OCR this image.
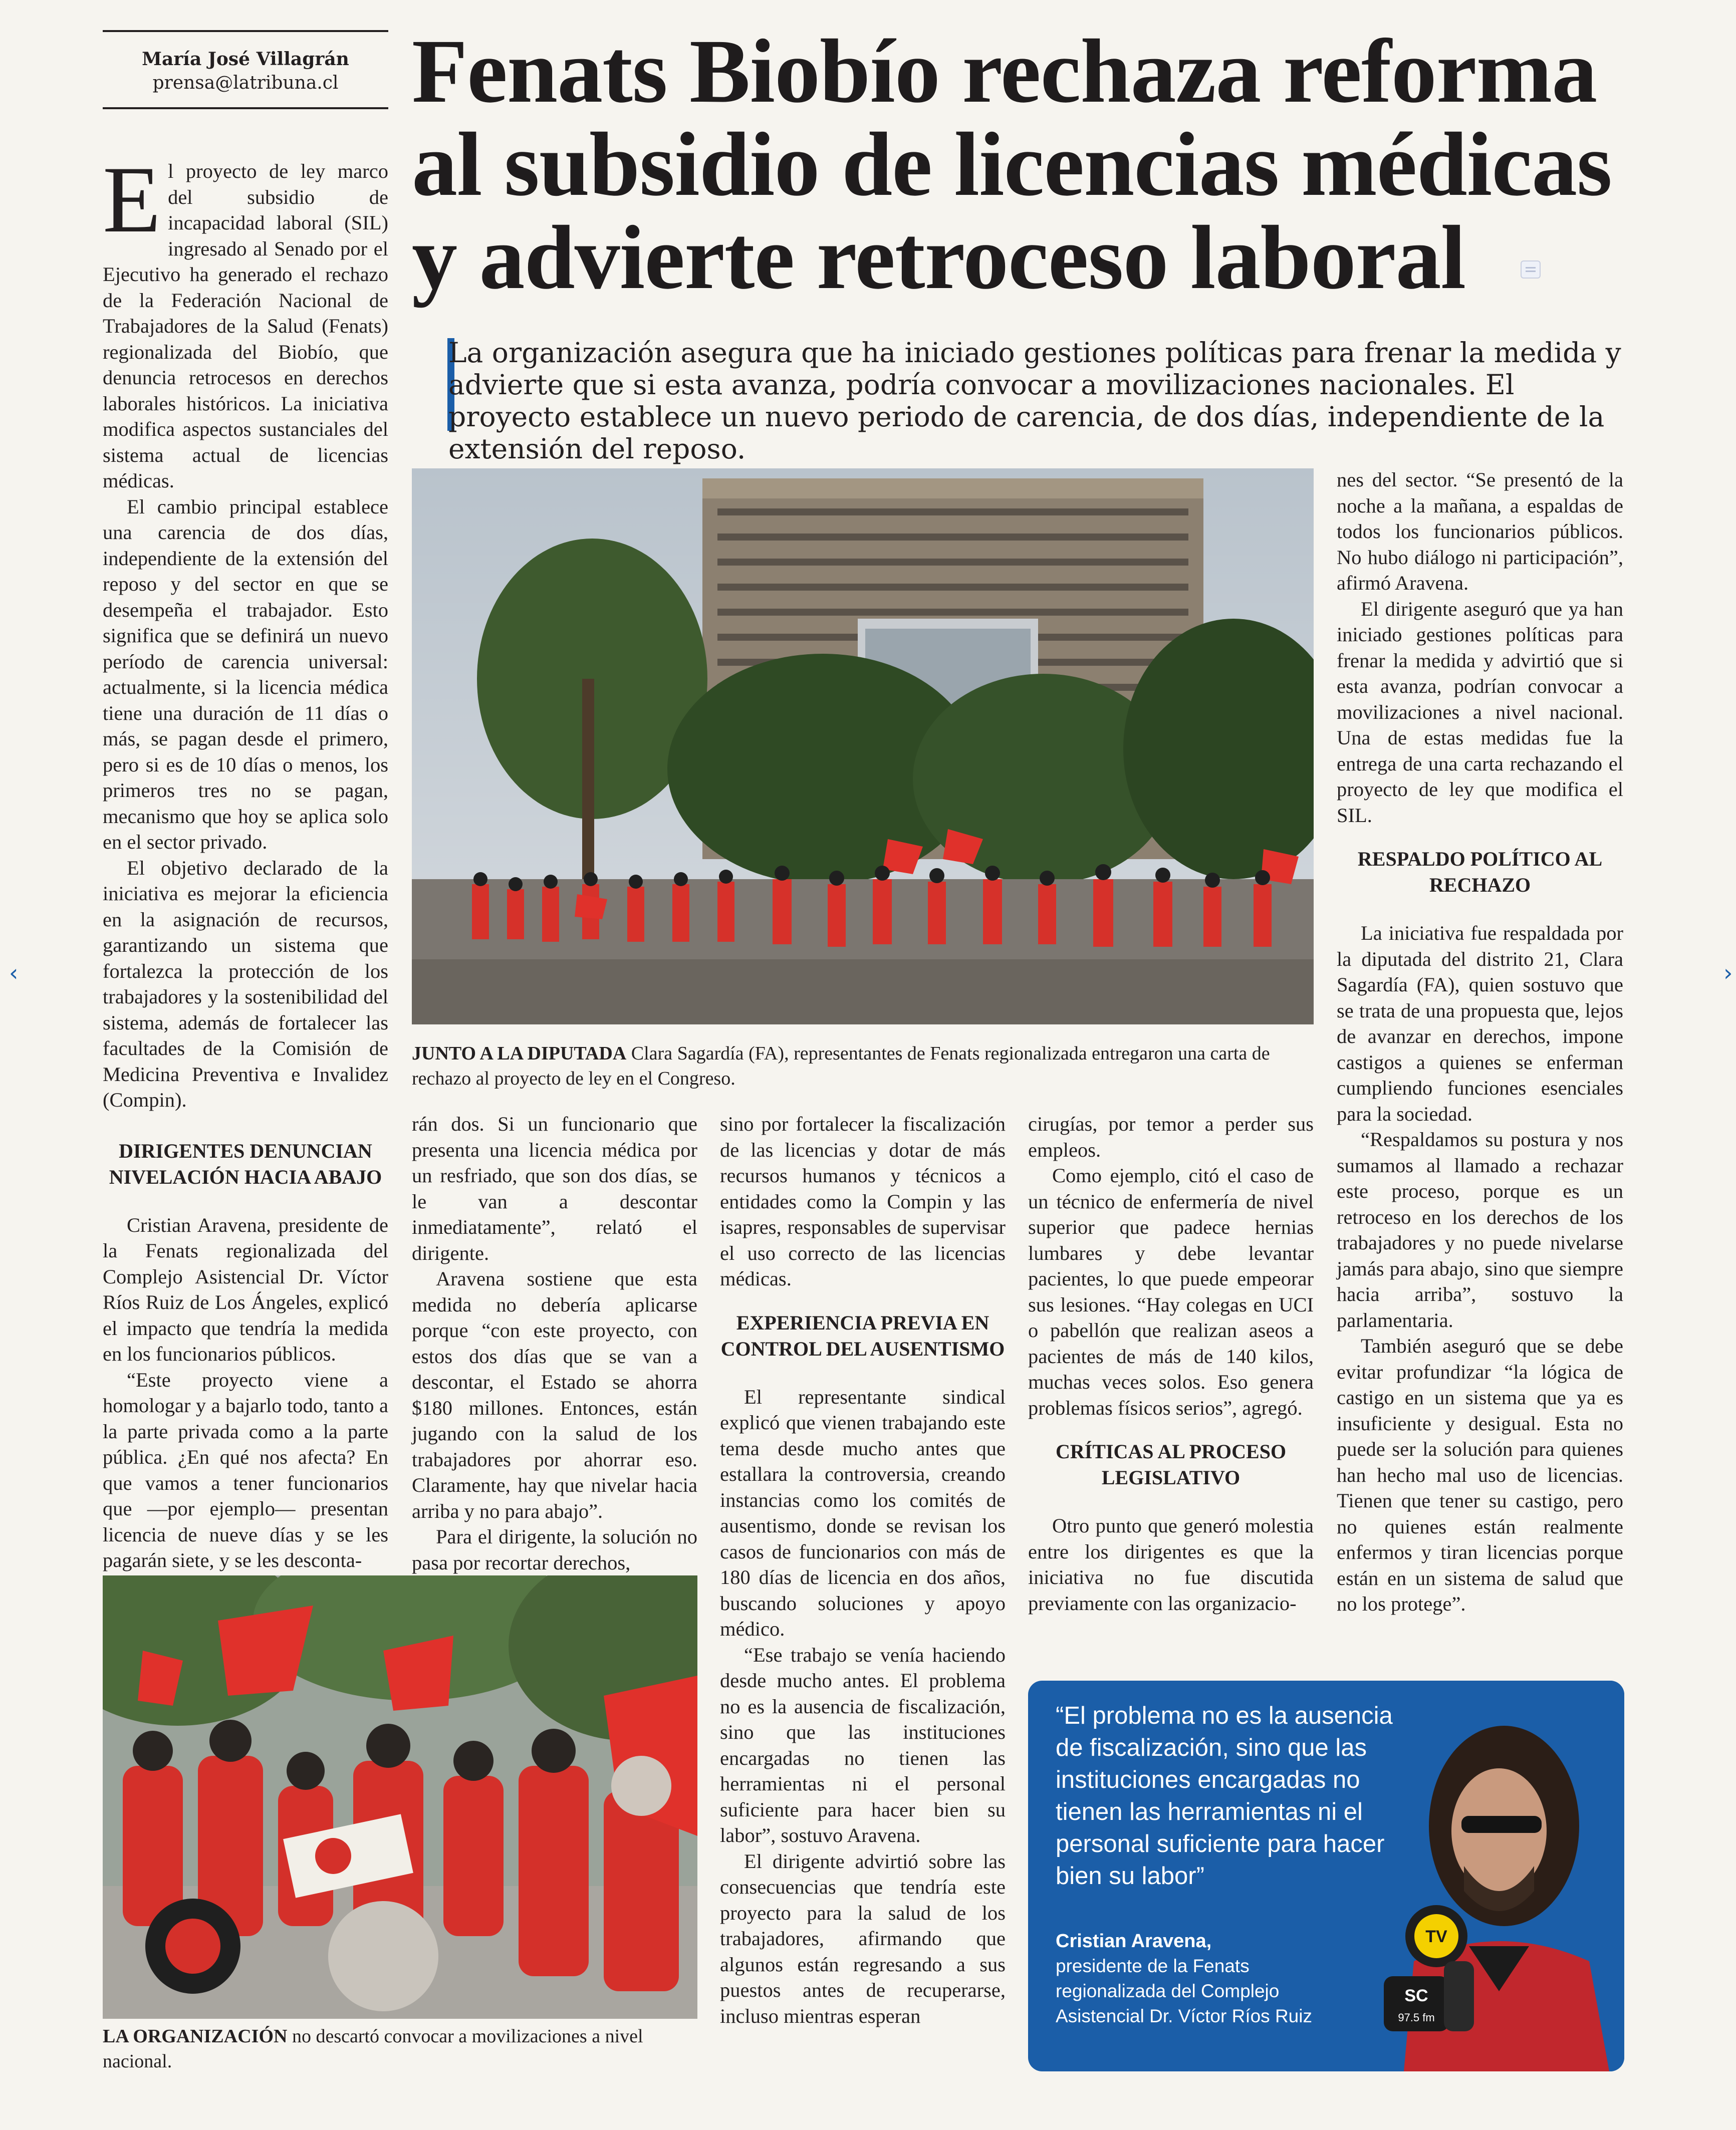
María José Villagrán
prensa@latribuna.cl Fenats Biobío rechaza reforma al subsidio de licencias médicas y advierte retroceso laboral

La organización asegura que ha iniciado gestiones políticas para frenar la medida y advierte que si esta avanza, podría convocar a movilizaciones nacionales. El proyecto establece un nuevo periodo de carencia, de dos días, independiente de la extensión del reposo.

El proyecto de ley marco del subsidio de incapacidad laboral (SIL) ingresado al Senado por el Ejecutivo ha generado el rechazo de la Federación Nacional de Trabajadores de la Salud (Fenats) regionalizada del Biobío, que denuncia retrocesos en derechos laborales históricos. La iniciativa modifica aspectos sustanciales del sistema actual de licencias médicas.

El cambio principal establece una carencia de dos días, independiente de la extensión del reposo y del sector en que se desempeña el trabajador. Esto significa que se definirá un nuevo período de carencia universal: actualmente, si la licencia médica tiene una duración de 11 días o más, se pagan desde el primero, pero si es de 10 días o menos, los primeros tres no se pagan, mecanismo que hoy se aplica solo en el sector privado.

El objetivo declarado de la iniciativa es mejorar la eficiencia en la asignación de recursos, garantizando un sistema que fortalezca la protección de los trabajadores y la sostenibilidad del sistema, además de fortalecer las facultades de la Comisión de Medicina Preventiva e Invalidez (Compin).

DIRIGENTES DENUNCIAN NIVELACIÓN HACIA ABAJO

Cristian Aravena, presidente de la Fenats regionalizada del Complejo Asistencial Dr. Víctor Ríos Ruiz de Los Ángeles, explicó el impacto que tendría la medida en los funcionarios públicos.

“Este proyecto viene a homologar y a bajarlo todo, tanto a la parte privada como a la parte pública. ¿En qué nos afecta? En que vamos a tener funcionarios que —por ejemplo— presentan licencia de nueve días y se les pagarán siete, y se les desconta-

JUNTO A LA DIPUTADA Clara Sagardía (FA), representantes de Fenats regionalizada entregaron una carta de rechazo al proyecto de ley en el Congreso.

rán dos. Si un funcionario que presenta una licencia médica por un resfriado, que son dos días, se le van a descontar inmediatamente”, relató el dirigente.

Aravena sostiene que esta medida no debería aplicarse porque “con este proyecto, con estos dos días que se van a descontar, el Estado se ahorra $180 millones. Entonces, están jugando con la salud de los trabajadores por ahorrar eso. Claramente, hay que nivelar hacia arriba y no para abajo”.

Para el dirigente, la solución no pasa por recortar derechos,

sino por fortalecer la fiscalización de las licencias y dotar de más recursos humanos y técnicos a entidades como la Compin y las isapres, responsables de supervisar el uso correcto de las licencias médicas.

EXPERIENCIA PREVIA EN CONTROL DEL AUSENTISMO

El representante sindical explicó que vienen trabajando este tema desde mucho antes que estallara la controversia, creando instancias como los comités de ausentismo, donde se revisan los casos de funcionarios con más de 180 días de licencia en dos años, buscando soluciones y apoyo médico.

“Ese trabajo se venía haciendo desde mucho antes. El problema no es la ausencia de fiscalización, sino que las instituciones encargadas no tienen las herramientas ni el personal suficiente para hacer bien su labor”, sostuvo Aravena.

El dirigente advirtió sobre las consecuencias que tendría este proyecto para la salud de los trabajadores, afirmando que algunos están regresando a sus puestos antes de recuperarse, incluso mientras esperan

cirugías, por temor a perder sus empleos.

Como ejemplo, citó el caso de un técnico de enfermería de nivel superior que padece hernias lumbares y debe levantar pacientes, lo que puede empeorar sus lesiones. “Hay colegas en UCI o pabellón que realizan aseos a pacientes de más de 140 kilos, muchas veces solos. Eso genera problemas físicos serios”, agregó.

CRÍTICAS AL PROCESO LEGISLATIVO

Otro punto que generó molestia entre los dirigentes es que la iniciativa no fue discutida previamente con las organizacio-

nes del sector. “Se presentó de la noche a la mañana, a espaldas de todos los funcionarios públicos. No hubo diálogo ni participación”, afirmó Aravena.

El dirigente aseguró que ya han iniciado gestiones políticas para frenar la medida y advirtió que si esta avanza, podrían convocar a movilizaciones a nivel nacional. Una de estas medidas fue la entrega de una carta rechazando el proyecto de ley que modifica el SIL.

RESPALDO POLÍTICO AL RECHAZO

La iniciativa fue respaldada por la diputada del distrito 21, Clara Sagardía (FA), quien sostuvo que se trata de una propuesta que, lejos de avanzar en derechos, impone castigos a quienes se enferman cumpliendo funciones esenciales para la sociedad.

“Respaldamos su postura y nos sumamos al llamado a rechazar este proceso, porque es un retroceso en los derechos de los trabajadores y no puede nivelarse jamás para abajo, sino que siempre hacia arriba”, sostuvo la parlamentaria.

También aseguró que se debe evitar profundizar “la lógica de castigo en un sistema que ya es insuficiente y desigual. Esta no puede ser la solución para quienes han hecho mal uso de licencias. Tienen que tener su castigo, pero no quienes están realmente enfermos y tiran licencias porque están en un sistema de salud que no los protege”.

LA ORGANIZACIÓN no descartó convocar a movilizaciones a nivel nacional.
TV
SC
97.5 fm

“El problema no es la ausencia de fiscalización, sino que las instituciones encargadas no tienen las herramientas ni el personal suficiente para hacer bien su labor”

Cristian Aravena,
presidente de la Fenats regionalizada del Complejo Asistencial Dr. Víctor Ríos Ruiz
‹	›
